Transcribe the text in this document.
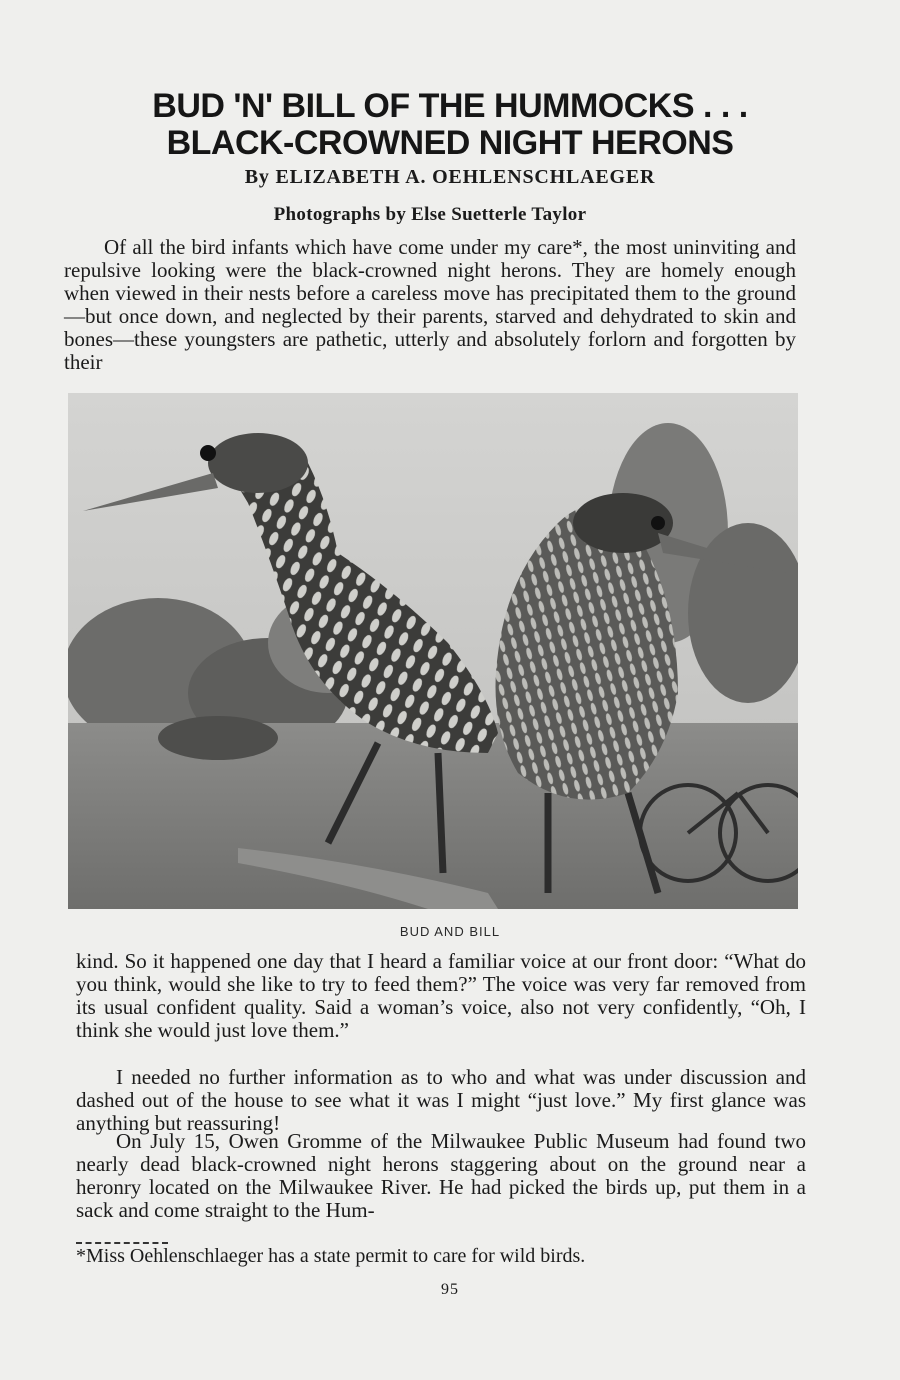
BUD 'N' BILL OF THE HUMMOCKS . . .
BLACK-CROWNED NIGHT HERONS
By ELIZABETH A. OEHLENSCHLAEGER
Photographs by Else Suetterle Taylor

Of all the bird infants which have come under my care*, the most uninviting and repulsive looking were the black-crowned night herons. They are homely enough when viewed in their nests before a careless move has precipitated them to the ground—but once down, and neglected by their parents, starved and dehydrated to skin and bones—these youngsters are pathetic, utterly and absolutely forlorn and forgotten by their

BUD AND BILL

kind. So it happened one day that I heard a familiar voice at our front door: “What do you think, would she like to try to feed them?” The voice was very far removed from its usual confident quality. Said a woman’s voice, also not very confidently, “Oh, I think she would just love them.”

I needed no further information as to who and what was under discussion and dashed out of the house to see what it was I might “just love.” My first glance was anything but reassuring!

On July 15, Owen Gromme of the Milwaukee Public Museum had found two nearly dead black-crowned night herons staggering about on the ground near a heronry located on the Milwaukee River. He had picked the birds up, put them in a sack and come straight to the Hum-

*Miss Oehlenschlaeger has a state permit to care for wild birds.
95
